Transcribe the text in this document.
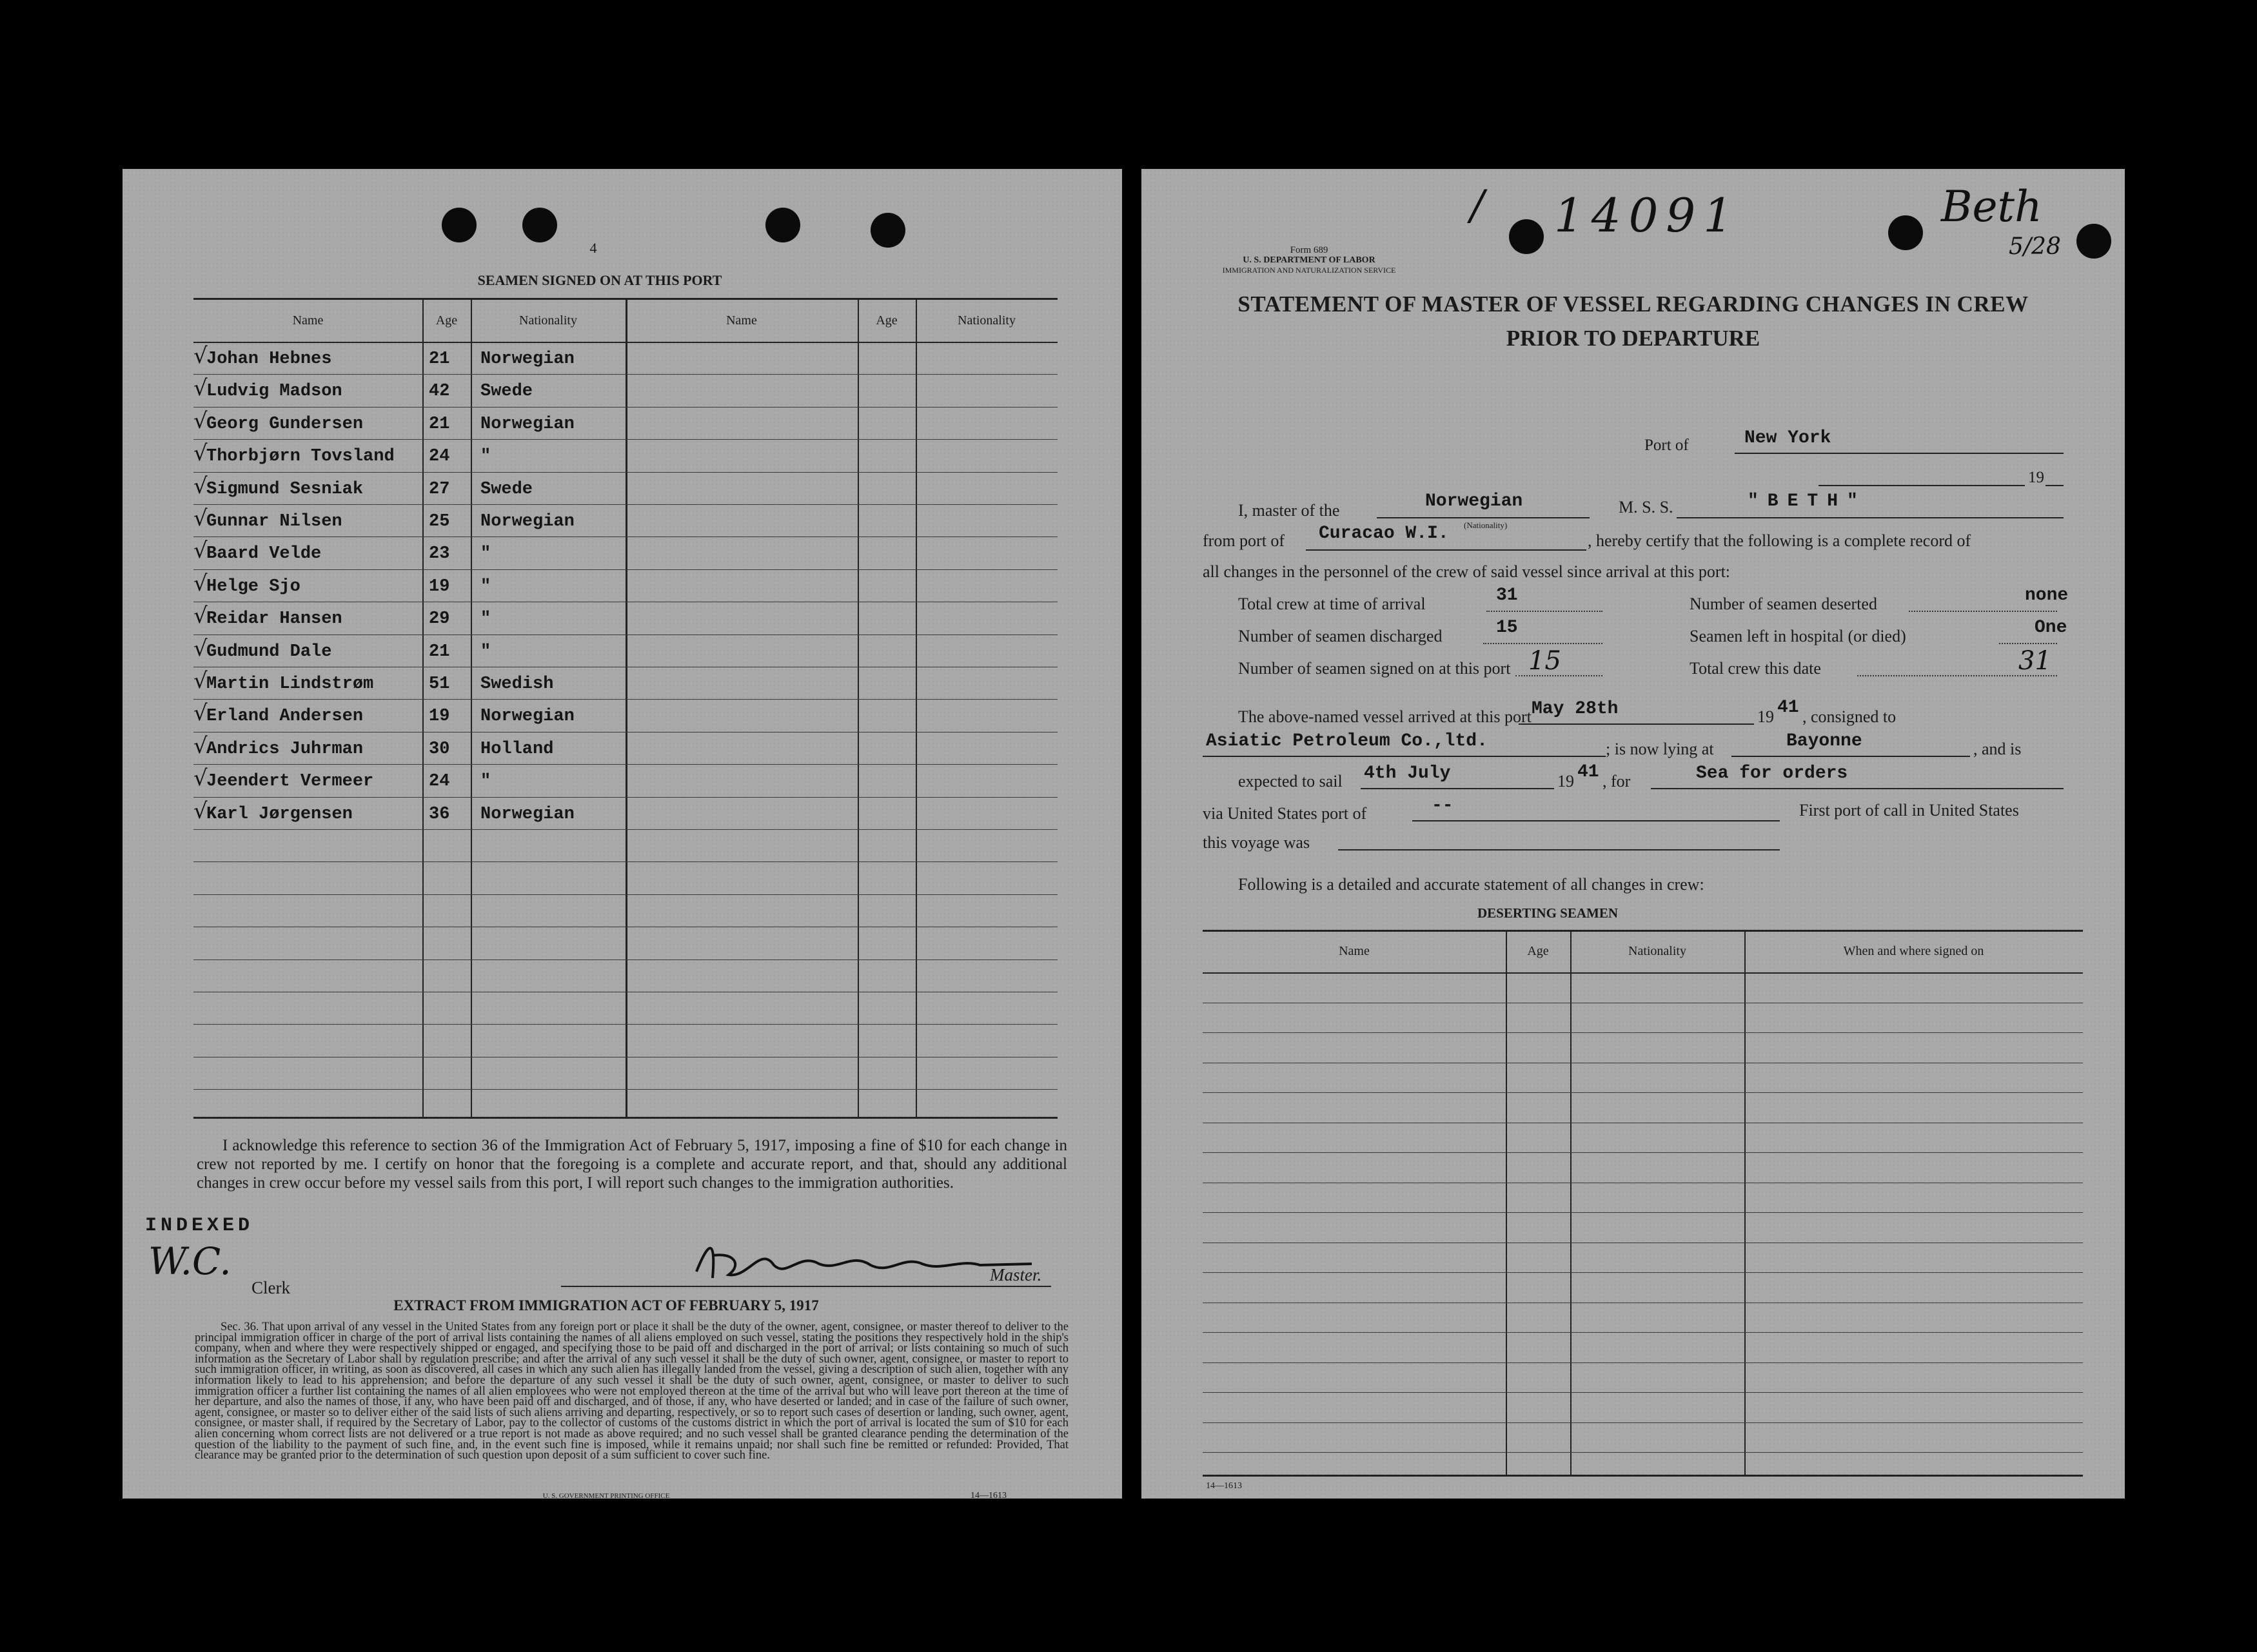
4
SEAMEN SIGNED ON AT THIS PORT
Name	Age	Nationality	Name	Age	Nationality
√
Johan Hebnes	21 Norwegian
√
Ludvig Madson	42 Swede
√
Georg Gundersen	21 Norwegian
√
Thorbjørn Tovsland 24 "
√
Sigmund Sesniak	27 Swede
√
Gunnar Nilsen	25 Norwegian
√
Baard Velde	23 "
√
Helge Sjo	19 "
√
Reidar Hansen	29 "
√
Gudmund Dale	21 "
√
Martin Lindstrøm	51 Swedish
√
Erland Andersen	19 Norwegian
√
Andrics Juhrman	30 Holland
√
Jeendert Vermeer	24 "
√
Karl Jørgensen	36 Norwegian
I acknowledge this reference to section 36 of the Immigration Act of February 5, 1917, imposing a fine of $10 for each change in crew not reported by me. I certify on honor that the foregoing is a complete and accurate report, and that, should any additional changes in crew occur before my vessel sails from this port, I will report such changes to the immigration authorities.
INDEXED
W.C.
Clerk
Master.
EXTRACT FROM IMMIGRATION ACT OF FEBRUARY 5, 1917
Sec. 36. That upon arrival of any vessel in the United States from any foreign port or place it shall be the duty of the owner, agent, consignee, or master thereof to deliver to the principal immigration officer in charge of the port of arrival lists containing the names of all aliens employed on such vessel, stating the positions they respectively hold in the ship's company, when and where they were respectively shipped or engaged, and specifying those to be paid off and discharged in the port of arrival; or lists containing so much of such information as the Secretary of Labor shall by regulation prescribe; and after the arrival of any such vessel it shall be the duty of such owner, agent, consignee, or master to report to such immigration officer, in writing, as soon as discovered, all cases in which any such alien has illegally landed from the vessel, giving a description of such alien, together with any information likely to lead to his apprehension; and before the departure of any such vessel it shall be the duty of such owner, agent, consignee, or master to deliver to such immigration officer a further list containing the names of all alien employees who were not employed thereon at the time of the arrival but who will leave port thereon at the time of her departure, and also the names of those, if any, who have been paid off and discharged, and of those, if any, who have deserted or landed; and in case of the failure of such owner, agent, consignee, or master so to deliver either of the said lists of such aliens arriving and departing, respectively, or so to report such cases of desertion or landing, such owner, agent, consignee, or master shall, if required by the Secretary of Labor, pay to the collector of customs of the customs district in which the port of arrival is located the sum of $10 for each alien concerning whom correct lists are not delivered or a true report is not made as above required; and no such vessel shall be granted clearance pending the determination of the question of the liability to the payment of such fine, and, in the event such fine is imposed, while it remains unpaid; nor shall such fine be remitted or refunded: Provided, That clearance may be granted prior to the determination of such question upon deposit of a sum sufficient to cover such fine.
U. S. GOVERNMENT PRINTING OFFICE	14—1613
/ 14091	Beth
5/28
Form 689
U. S. DEPARTMENT OF LABOR
IMMIGRATION AND NATURALIZATION SERVICE
STATEMENT OF MASTER OF VESSEL REGARDING CHANGES IN CREW
PRIOR TO DEPARTURE
Port of	New York
19
I, master of the	Norwegian
(Nationality)
M. S. S.	"BETH"
from port of Curacao W.I.	, hereby certify that the following is a complete record of
all changes in the personnel of the crew of said vessel since arrival at this port:
Total crew at time of arrival	31	Number of seamen deserted	none
Number of seamen discharged	15	Seamen left in hospital (or died)	One
Number of seamen signed on at this port 15	Total crew this date	31
The above-named vessel arrived at this port May 28th	19 41 , consigned to
Asiatic Petroleum Co.,ltd.	; is now lying at	Bayonne	, and is
expected to sail 4th July	19 41 , for	Sea for orders
via United States port of	--	First port of call in United States
this voyage was
Following is a detailed and accurate statement of all changes in crew:
DESERTING SEAMEN
Name	Age	Nationality	When and where signed on
14—1613
